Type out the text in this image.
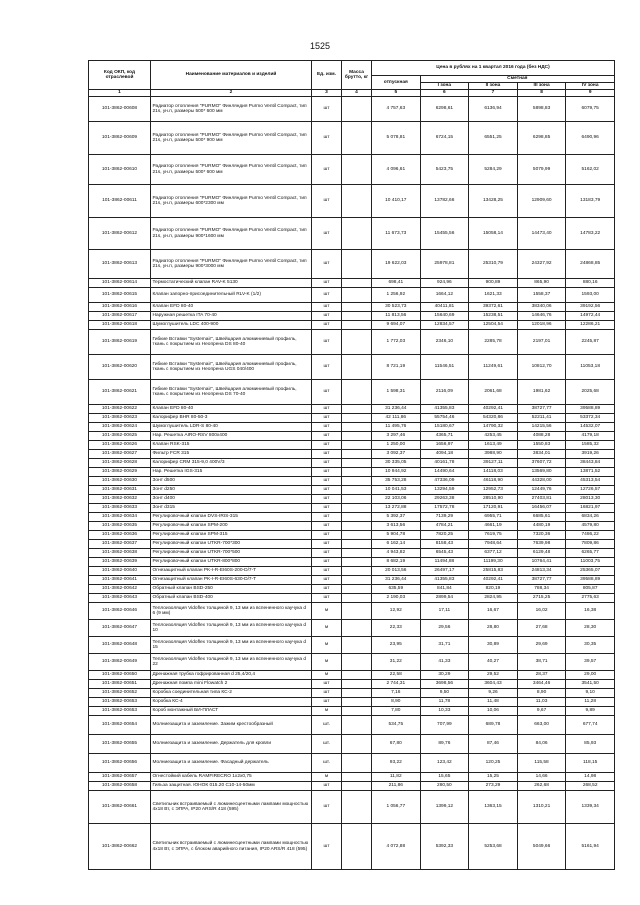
1525
Код ОКП, код отраслевой	Наименование материалов и изделий	Ед. изм.	Масса брутто, кг	Цена в рублях на 1 квартал 2016 года (без НДС)				
				отпускная	Сметная			
					I зона	II зона	III зона	IV зона
1	2	3	4	5	6	7	8	9
101-3862-00608	Радиатор отопления "PURMO" Финляндия Purmo Ventil Compact, тип 21s, ун.п, размеры 500* 600 мм	шт		4 757,63	6298,61	6136,94	5898,83	6079,75
101-3862-00609	Радиатор отопления "PURMO" Финляндия Purmo Ventil Compact, тип 21s, ун.п, размеры 500* 900 мм	шт		5 078,81	6724,15	6551,25	6298,85	6490,96
101-3862-00610	Радиатор отопления "PURMO" Финляндия Purmo Ventil Compact, тип 21s, ун.п, размеры 500* 600 мм	шт		4 096,61	5423,75	5284,29	5079,99	5162,02
101-3862-00611	Радиатор отопления "PURMO" Финляндия Purmo Ventil Compact, тип 21s, ун.п, размеры 600*2300 мм	шт		10 410,17	13782,66	13428,25	12909,60	13183,79
101-3862-00612	Радиатор отопления "PURMO" Финляндия Purmo Ventil Compact, тип 21s, ун.п, размеры 900*1600 мм	шт		11 673,73	15455,56	15058,14	14473,40	14783,22
101-3862-00613	Радиатор отопления "PURMO" Финляндия Purmo Ventil Compact, тип 21s, ун.п, размеры 900*3000 мм	шт		19 622,03	25978,81	25310,79	24327,92	24868,85
101-3862-00614	Термостатический клапан RAV-K 5130	шт		698,41	924,96	900,89	865,90	880,16
101-3862-00615	Клапан запорно-присоединительный RLV-K (1/2)	шт		1 256,92	1664,12	1621,33	1558,37	1593,00
101-3862-00616	Клапан EFD 80-40	шт		30 523,73	40411,81	39372,61	38340,06	39192,56
101-3862-00617	Наружная решетка ITA 70-40	шт		11 813,56	15640,69	15238,51	14646,76	14972,44
101-3862-00618	Шумоглушитель LDC 400-900	шт		9 694,07	12834,57	12504,54	12018,96	12286,21
101-3862-00619	Гибкие Вставки "Systemair", Швейцария алюминиевый профиль, ткань с покрытием из Неопрена DS 80-40	шт		1 772,03	2346,10	2285,78	2197,01	2245,87
101-3862-00620	Гибкие Вставки "Systemair", Швейцария алюминиевый профиль, ткань с покрытием из Неопрена UGS 040/400	шт		8 721,19	11546,51	11249,61	10812,70	11053,18
101-3862-00621	Гибкие Вставки "Systemair", Швейцария алюминиевый профиль, ткань с покрытием из Неопрена DS 70-40	шт		1 598,31	2116,09	2061,68	1981,62	2025,68
101-3862-00622	Клапан EFD 80-40	шт		31 236,44	41355,83	40292,41	38727,77	39588,89
101-3862-00623	Калорифер BHR 80-50-3	шт		42 111,86	55754,46	54320,86	52211,41	53372,34
101-3862-00624	Шумоглушитель LDR-S 80-40	шт		11 495,76	15180,67	14790,32	14215,56	14532,07
101-3862-00625	Нар. Решетка AIRO-RSV 800x400	шт		3 297,46	4365,71	4253,45	4088,28	4179,18
101-3862-00626	Клапан RSK-315	шт		1 250,00	1656,97	1613,49	1550,83	1585,32
101-3862-00627	Фильтр FCR 315	шт		3 092,37	4094,18	3988,90	3834,01	3919,26
101-3862-00628	Калорифер CRM 315-9,0 400V/3	шт		30 335,05	40161,78	39127,11	37607,72	38443,84
101-3862-00629	Нар. Решетка IGS-315	шт		10 944,92	14490,64	14118,03	13569,80	13871,52
101-3862-00630	Зонт d500	шт		35 753,28	47336,09	46118,90	44328,00	45313,54
101-3862-00631	Зонт d250	шт		10 041,53	13294,59	12952,73	12449,76	12726,57
101-3862-00632	Зонт d400	шт		22 103,06	29263,38	28510,90	27403,81	28013,30
101-3862-00633	Зонт d315	шт		13 272,88	17572,78	17120,91	16456,07	16821,97
101-3862-00634	Регулировочный клапан DVS-IRIS-315	шт		5 392,37	7139,29	6955,71	6685,61	6834,26
101-3862-00635	Регулировочный клапан SPM-200	шт		3 613,56	4784,21	4661,19	4480,19	4579,80
101-3862-00636	Регулировочный клапан SPM-315	шт		5 904,78	7820,25	7619,75	7320,36	7486,22
101-3862-00637	Регулировочный клапан UTKR-700*300	шт		6 162,14	8158,43	7948,64	7639,98	7809,86
101-3862-00638	Регулировочный клапан UTKR-700*500	шт		4 943,82	6545,43	6377,12	6129,48	6265,77
101-3862-00639	Регулировочный клапан UTKR-800*800	шт		8 682,19	11494,88	11199,30	10764,41	11003,75
101-3862-00640	Огнезащитный клапан PK-I-R-EI60S-200-D/7-T	шт		20 013,56	26497,17	25815,83	24813,34	25365,07
101-3862-00641	Огнезащитный клапан PK-I-R-EI60S-630-D/7-T	шт		31 236,44	41355,83	40292,41	38727,77	39588,89
101-3862-00642	Обратный клапан BSD-250	шт		635,59	841,84	820,19	788,34	805,87
101-3862-00643	Обратный клапан BSD-400	шт		2 190,03	2899,54	2824,95	2715,25	2775,63
101-3862-00646	Теплоизоляция Vidoflex толщиной 9, 13 мм из вспененного каучука d 6 (9 мм)	м		12,92	17,11	16,67	16,02	16,38
101-3862-00647	Теплоизоляция Vidoflex толщиной 9, 13 мм из вспененного каучука d 10	м		22,33	29,56	28,80	27,68	28,30
101-3862-00648	Теплоизоляция Vidoflex толщиной 9, 13 мм из вспененного каучука d 15	м		23,95	31,71	30,89	29,69	30,35
101-3862-00649	Теплоизоляция Vidoflex толщиной 9, 13 мм из вспененного каучука d 22	м		31,22	41,33	40,27	38,71	39,57
101-3862-00650	Дренажная трубка гофрированная d 25,4/20,4	м		22,58	30,29	29,52	28,37	29,00
101-3862-00651	Дренажная помпа mini Flowatch 2	шт		2 744,31	3698,56	3604,43	3464,46	3541,50
101-3862-00652	Коробка соединительная типа КС-2	шт		7,16	9,50	9,26	8,90	9,10
101-3862-00653	Коробка КС-4	шт		8,90	11,78	11,48	11,03	11,28
101-3862-00653	Короб монтажный БИ-ПЛАСТ	м		7,80	10,33	10,06	9,67	9,89
101-3862-00654	Молниезащита и заземление. Зажим крестообразный	шт.		534,75	707,99	689,78	663,00	677,74
101-3862-00655	Молниезащита и заземление. Держатель для кровли	шт.		67,80	89,76	87,46	84,06	85,93
101-3862-00656	Молниезащита и заземление. Фасадный держатель	шт.		93,22	123,42	120,25	115,58	118,15
101-3862-00657	Огнестойкий кабель RAMFIRECRO 1x2x0,75	м		11,82	15,65	15,25	14,66	14,98
101-3862-00658	Гильза защитная. ЮНОК 015.20 С10-14-50мм	шт		211,86	280,50	273,29	262,68	268,52
101-3862-00661	Светильник встраиваемый с люминесцентными лампами мощностью 4х18 Вт, с ЭПРА, IP20 ARS/R 418 (595)	шт		1 056,77	1399,12	1363,15	1310,21	1339,34
101-3862-00662	Светильник встраиваемый с люминесцентными лампами мощностью 4х18 Вт, с ЭПРА, с блоком аварийного питания, IP20 ARS/R 418 (595)	шт		4 072,88	5392,33	5253,68	5049,66	5161,94
